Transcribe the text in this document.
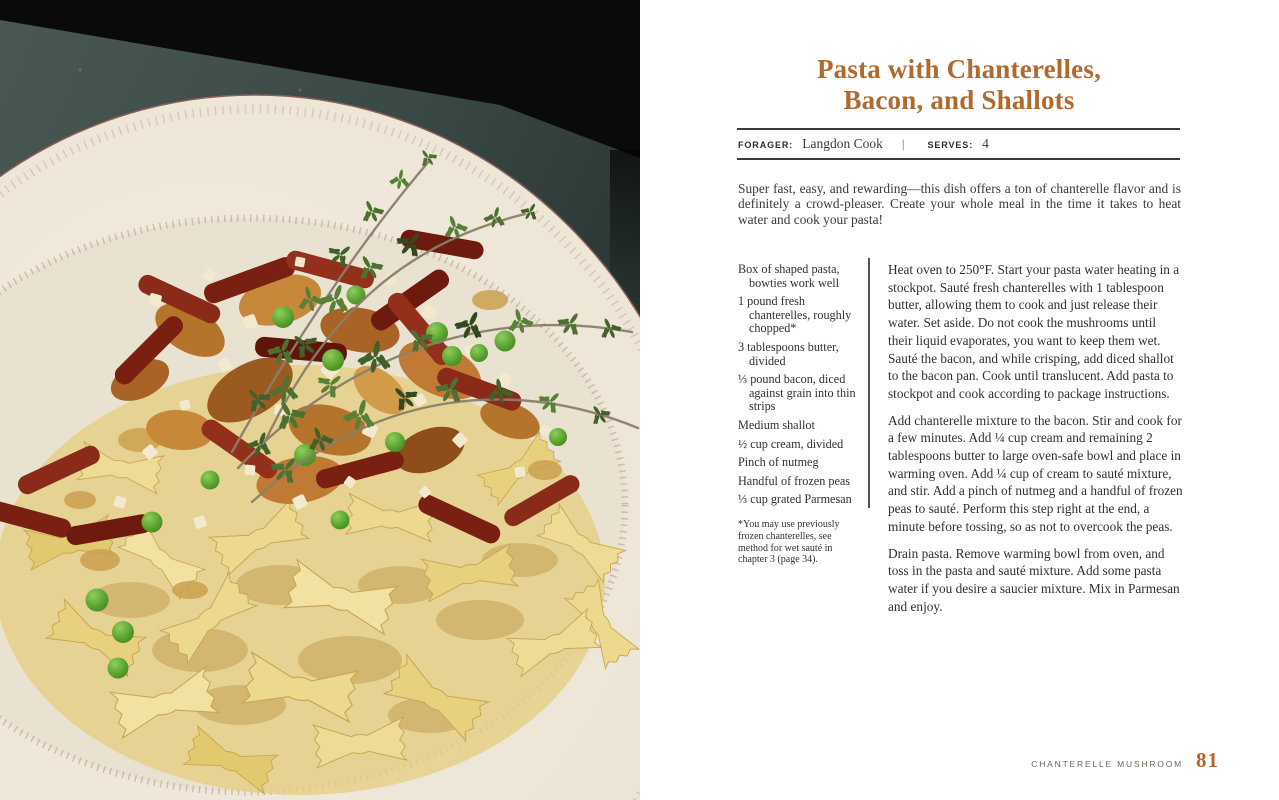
Pasta with Chanterelles,
Bacon, and Shallots
FORAGER: Langdon Cook	|	SERVES: 4

Super fast, easy, and rewarding—this dish offers a ton of chanterelle flavor and is definitely a crowd-pleaser. Create your whole meal in the time it takes to heat water and cook your pasta!

Box of shaped pasta, bowties work well
1 pound fresh chanterelles, roughly chopped*
3 tablespoons butter, divided
⅓ pound bacon, diced against grain into thin strips
Medium shallot
½ cup cream, divided
Pinch of nutmeg
Handful of frozen peas
⅓ cup grated Parmesan

*You may use previously frozen chanterelles, see method for wet sauté in chapter 3 (page 34).

Heat oven to 250°F. Start your pasta water heating in a stockpot. Sauté fresh chanterelles with 1 tablespoon butter, allowing them to cook and just release their water. Set aside. Do not cook the mushrooms until their liquid evaporates, you want to keep them wet. Sauté the bacon, and while crisping, add diced shallot to the bacon pan. Cook until translucent. Add pasta to stockpot and cook according to package instructions.

Add chanterelle mixture to the bacon. Stir and cook for a few minutes. Add ¼ cup cream and remaining 2 tablespoons butter to large oven-safe bowl and place in warming oven. Add ¼ cup of cream to sauté mixture, and stir. Add a pinch of nutmeg and a handful of frozen peas to sauté. Perform this step right at the end, a minute before tossing, so as not to overcook the peas.

Drain pasta. Remove warming bowl from oven, and toss in the pasta and sauté mixture. Add some pasta water if you desire a saucier mixture. Mix in Parmesan and enjoy.

CHANTERELLE MUSHROOM 81
